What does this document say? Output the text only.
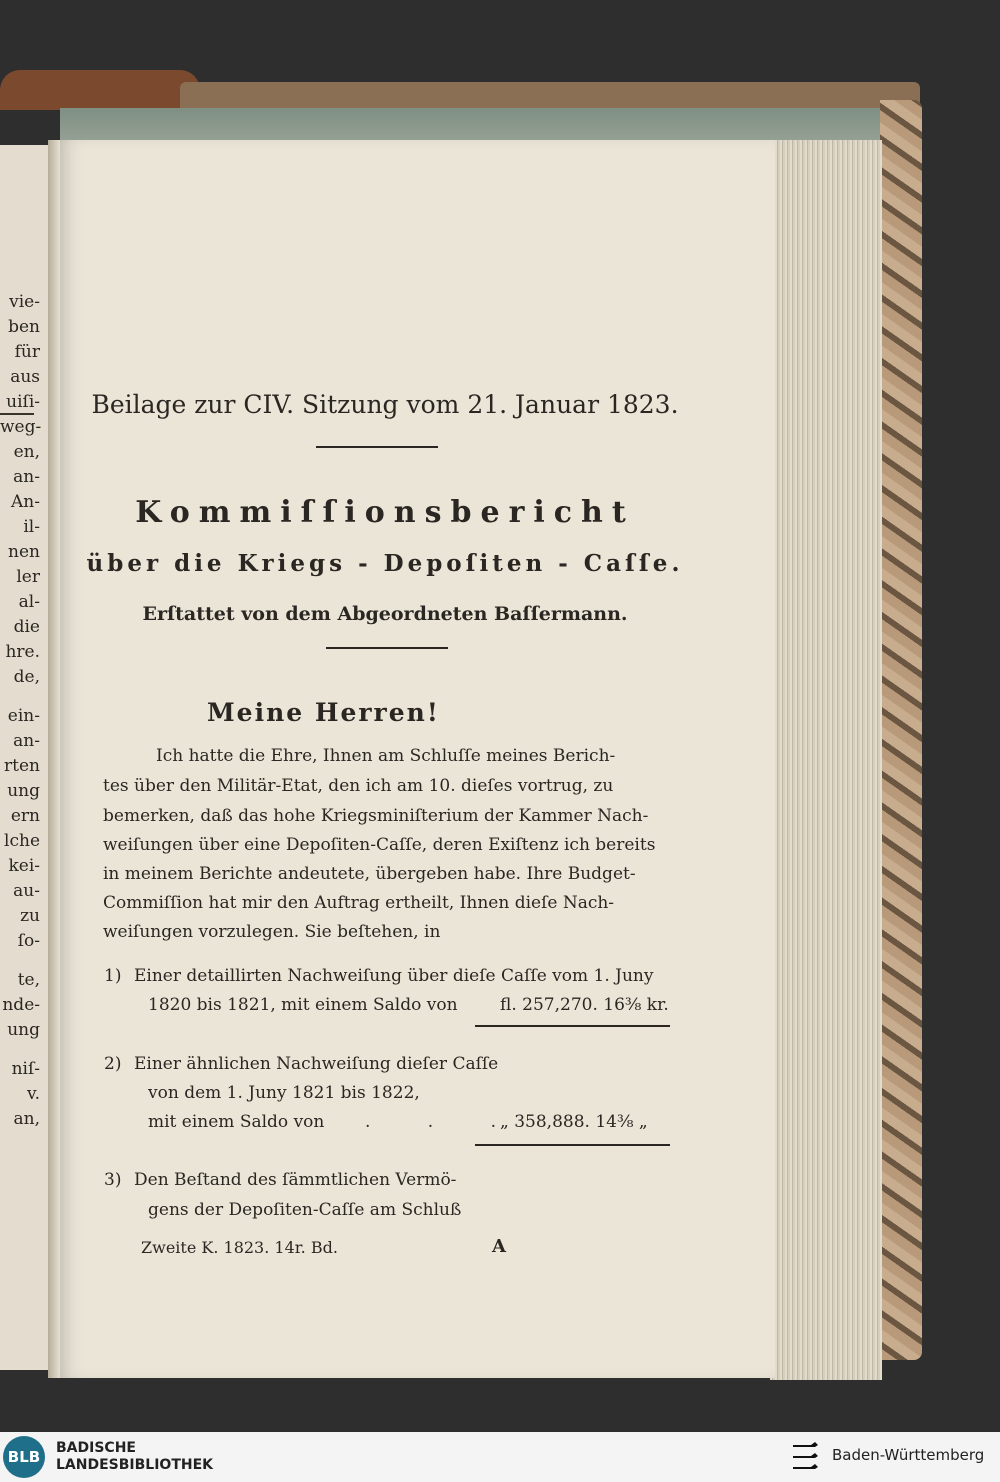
vie-
ben
für
aus
uiſi-
weg-
en,
an-
An-
il-
nen
ler
al-
die
hre.
de,
ein-
an-
rten
ung
ern
lche
kei-
au-
zu
ſo-
te,
nde-
ung
niſ-
v.
an,
Beilage zur CIV. Sitzung vom 21. Januar 1823.
Kommiſſionsbericht
über die Kriegs - Depoſiten - Caſſe.
Erſtattet von dem Abgeordneten Baſſermann.
Meine Herren!
Ich hatte die Ehre, Ihnen am Schluſſe meines Berich-
tes über den Militär-Etat, den ich am 10. dieſes vortrug, zu
bemerken, daß das hohe Kriegsminiſterium der Kammer Nach-
weiſungen über eine Depoſiten-Caſſe, deren Exiſtenz ich bereits
in meinem Berichte andeutete, übergeben habe. Ihre Budget-
Commiſſion hat mir den Auftrag ertheilt, Ihnen dieſe Nach-
weiſungen vorzulegen. Sie beſtehen, in
1) Einer detaillirten Nachweiſung über dieſe Caſſe vom 1. Juny
1820 bis 1821, mit einem Saldo von fl. 257,270. 16⅜ kr.
2) Einer ähnlichen Nachweiſung dieſer Caſſe
von dem 1. Juny 1821 bis 1822,
mit einem Saldo von . . .
„ 358,888. 14⅜ „
3) Den Beſtand des ſämmtlichen Vermö-
gens der Depoſiten-Caſſe am Schluß
Zweite K. 1823. 14r. Bd.	A
BLB	BADISCHE
LANDESBIBLIOTHEK
Baden-Württemberg
